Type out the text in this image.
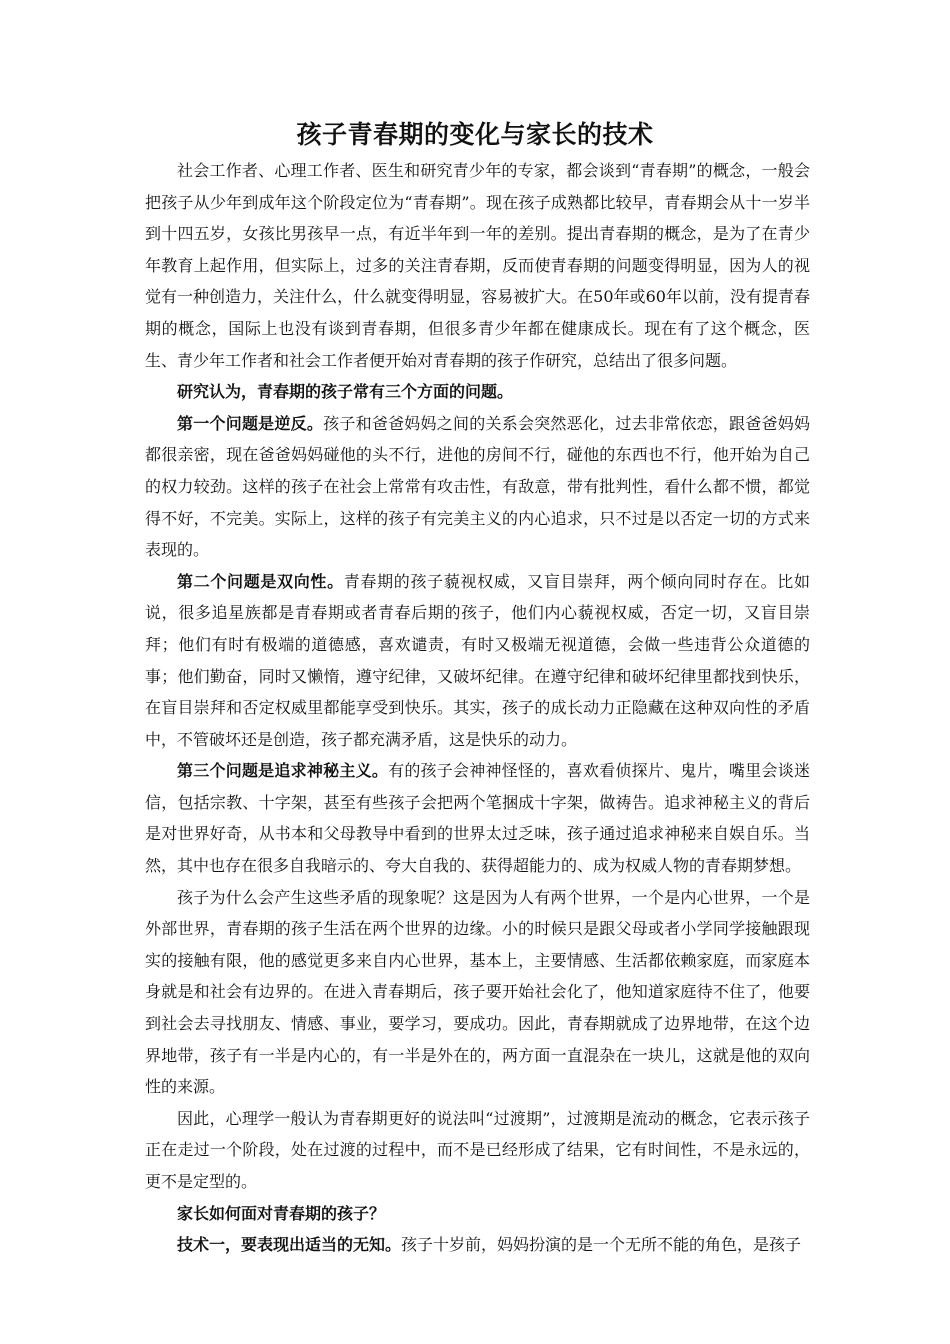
孩子青春期的变化与家长的技术

社会工作者、心理工作者、医生和研究青少年的专家，都会谈到“青春期”的概念，一般会把孩子从少年到成年这个阶段定位为“青春期”。现在孩子成熟都比较早，青春期会从十一岁半到十四五岁，女孩比男孩早一点，有近半年到一年的差别。提出青春期的概念，是为了在青少年教育上起作用，但实际上，过多的关注青春期，反而使青春期的问题变得明显，因为人的视觉有一种创造力，关注什么，什么就变得明显，容易被扩大。在50年或60年以前，没有提青春期的概念，国际上也没有谈到青春期，但很多青少年都在健康成长。现在有了这个概念，医生、青少年工作者和社会工作者便开始对青春期的孩子作研究，总结出了很多问题。

研究认为，青春期的孩子常有三个方面的问题。

第一个问题是逆反。孩子和爸爸妈妈之间的关系会突然恶化，过去非常依恋，跟爸爸妈妈都很亲密，现在爸爸妈妈碰他的头不行，进他的房间不行，碰他的东西也不行，他开始为自己的权力较劲。这样的孩子在社会上常常有攻击性，有敌意，带有批判性，看什么都不惯，都觉得不好，不完美。实际上，这样的孩子有完美主义的内心追求，只不过是以否定一切的方式来表现的。

第二个问题是双向性。青春期的孩子藐视权威，又盲目崇拜，两个倾向同时存在。比如说，很多追星族都是青春期或者青春后期的孩子，他们内心藐视权威，否定一切，又盲目崇拜；他们有时有极端的道德感，喜欢谴责，有时又极端无视道德，会做一些违背公众道德的事；他们勤奋，同时又懒惰，遵守纪律，又破坏纪律。在遵守纪律和破坏纪律里都找到快乐，在盲目崇拜和否定权威里都能享受到快乐。其实，孩子的成长动力正隐藏在这种双向性的矛盾中，不管破坏还是创造，孩子都充满矛盾，这是快乐的动力。

第三个问题是追求神秘主义。有的孩子会神神怪怪的，喜欢看侦探片、鬼片，嘴里会谈迷信，包括宗教、十字架，甚至有些孩子会把两个笔捆成十字架，做祷告。追求神秘主义的背后是对世界好奇，从书本和父母教导中看到的世界太过乏味，孩子通过追求神秘来自娱自乐。当然，其中也存在很多自我暗示的、夸大自我的、获得超能力的、成为权威人物的青春期梦想。

孩子为什么会产生这些矛盾的现象呢？这是因为人有两个世界，一个是内心世界，一个是外部世界，青春期的孩子生活在两个世界的边缘。小的时候只是跟父母或者小学同学接触跟现实的接触有限，他的感觉更多来自内心世界，基本上，主要情感、生活都依赖家庭，而家庭本身就是和社会有边界的。在进入青春期后，孩子要开始社会化了，他知道家庭待不住了，他要到社会去寻找朋友、情感、事业，要学习，要成功。因此，青春期就成了边界地带，在这个边界地带，孩子有一半是内心的，有一半是外在的，两方面一直混杂在一块儿，这就是他的双向性的来源。

因此，心理学一般认为青春期更好的说法叫“过渡期”，过渡期是流动的概念，它表示孩子正在走过一个阶段，处在过渡的过程中，而不是已经形成了结果，它有时间性，不是永远的，更不是定型的。

家长如何面对青春期的孩子？

技术一，要表现出适当的无知。孩子十岁前，妈妈扮演的是一个无所不能的角色，是孩子
